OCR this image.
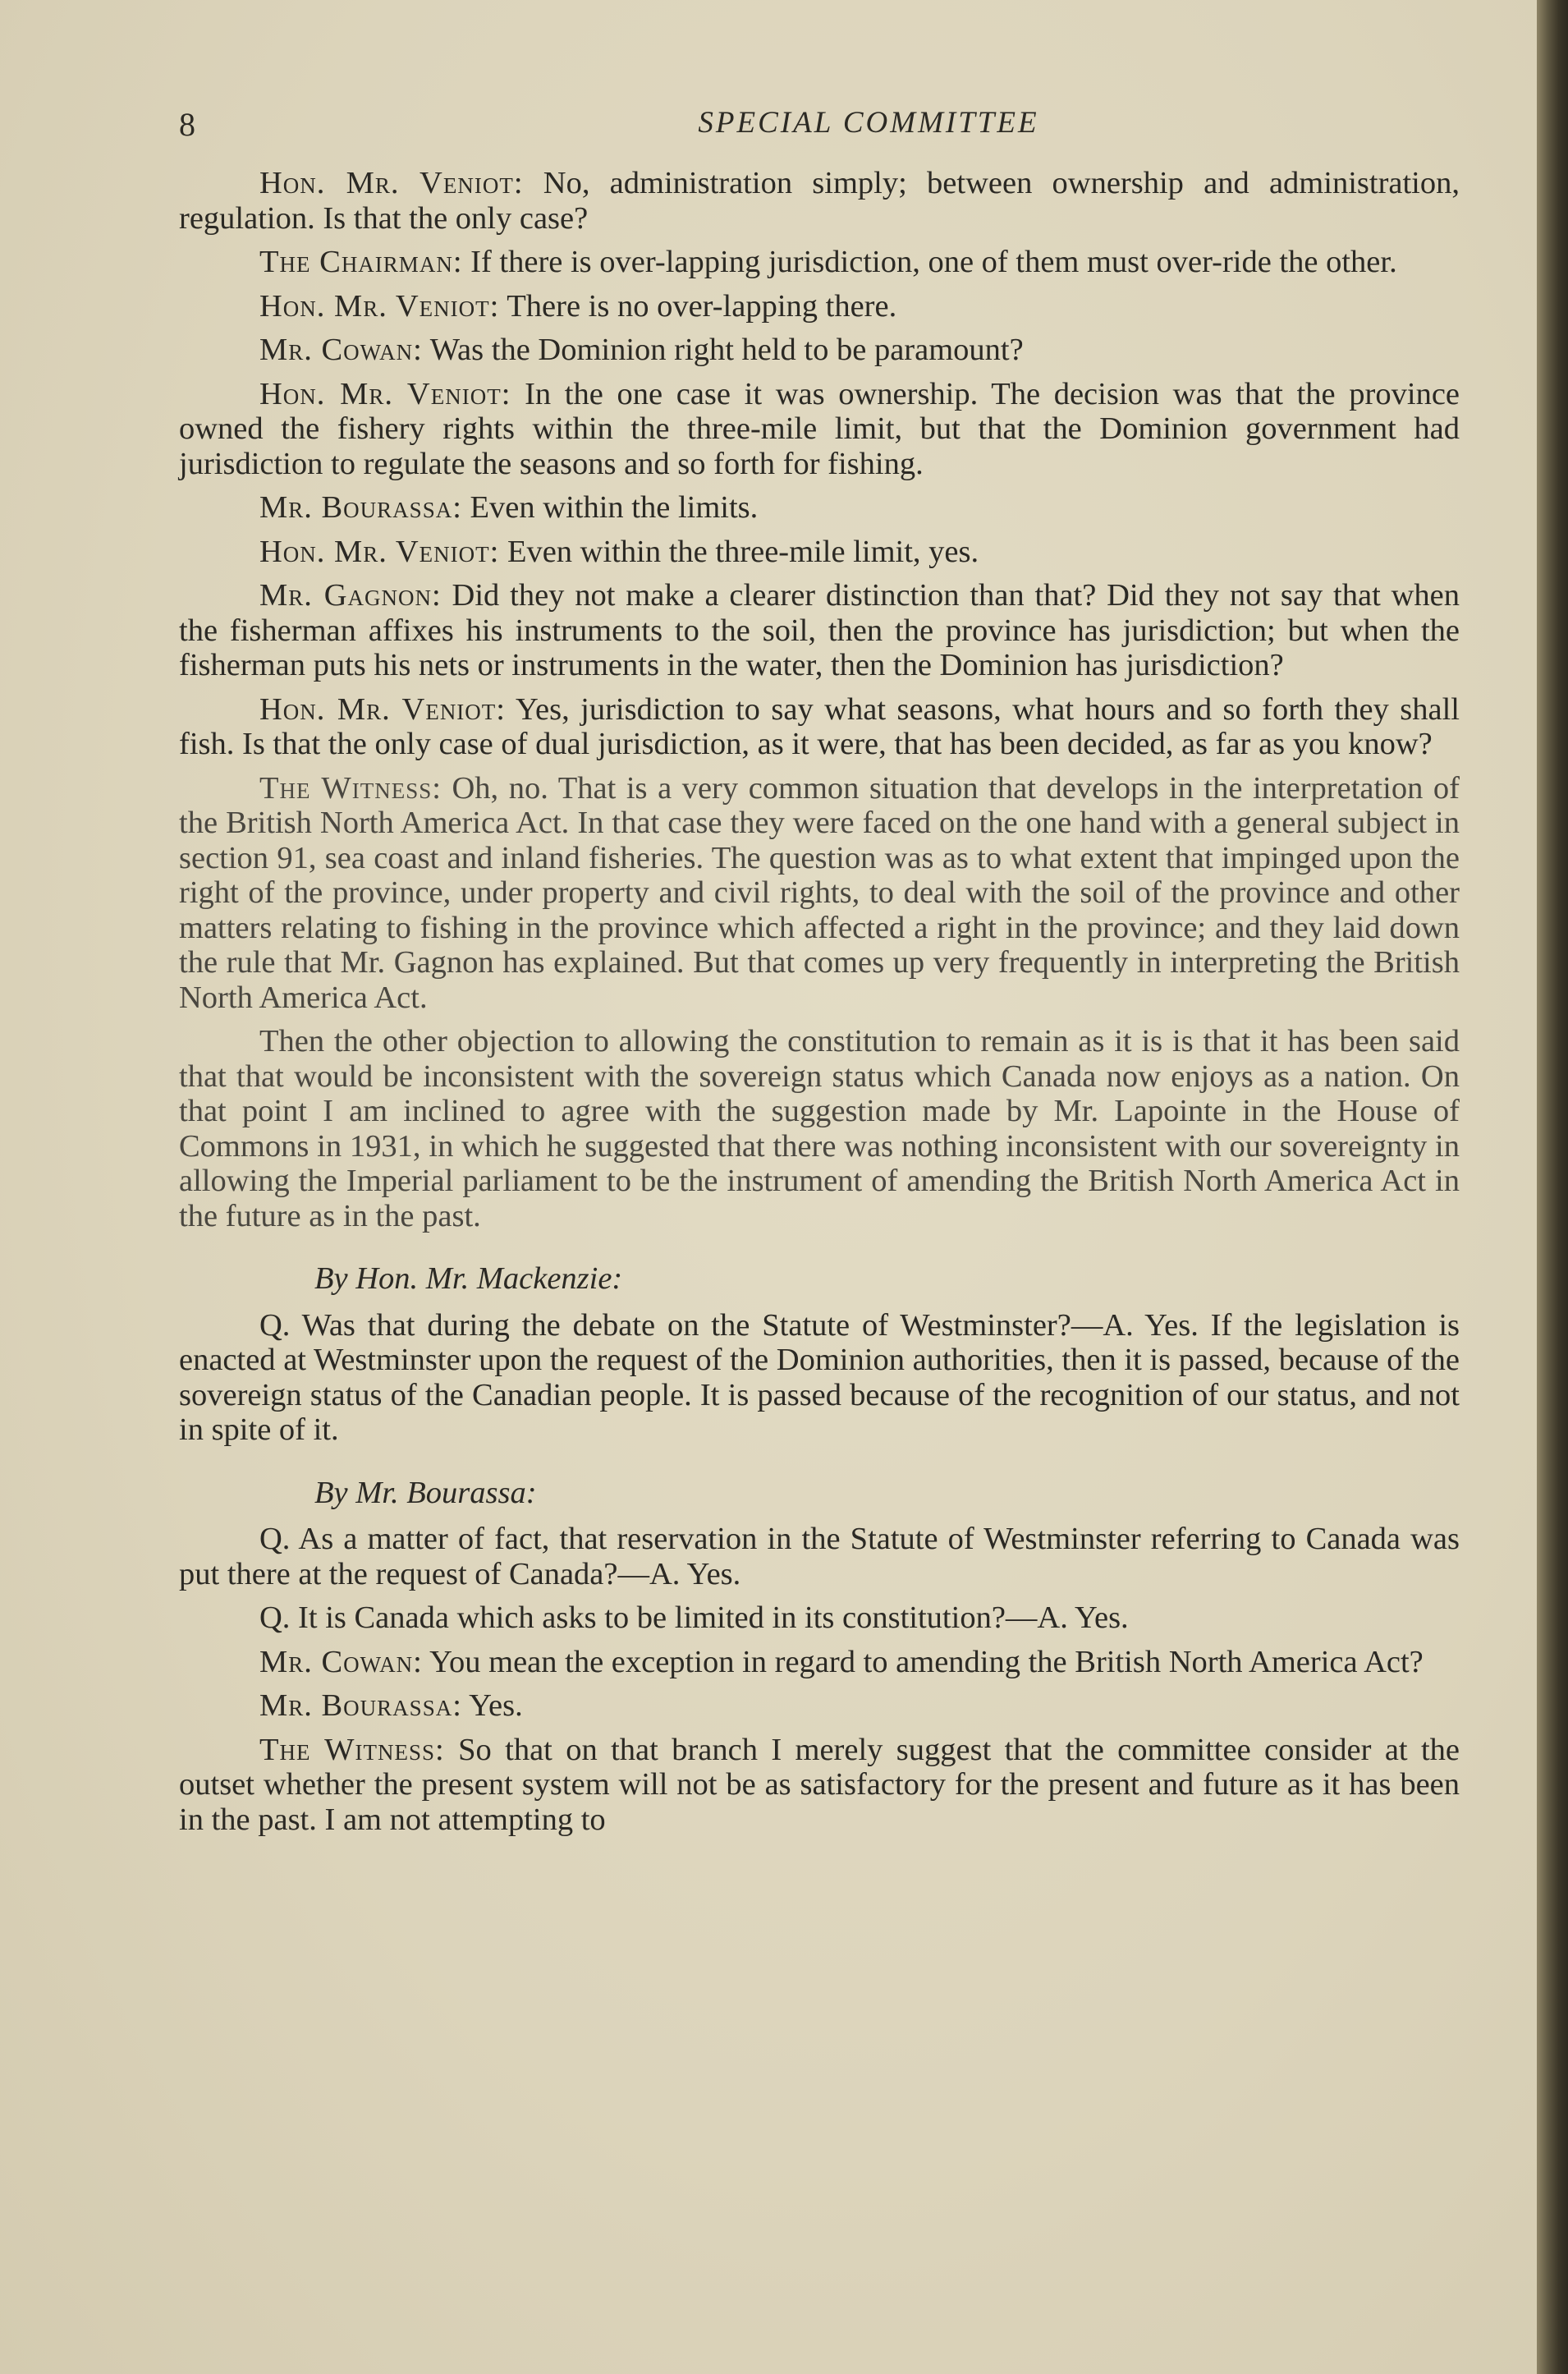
8	SPECIAL COMMITTEE

Hon. Mr. Veniot: No, administration simply; between ownership and administration, regulation. Is that the only case?

The Chairman: If there is over-lapping jurisdiction, one of them must over-ride the other.

Hon. Mr. Veniot: There is no over-lapping there.

Mr. Cowan: Was the Dominion right held to be paramount?

Hon. Mr. Veniot: In the one case it was ownership. The decision was that the province owned the fishery rights within the three-mile limit, but that the Dominion government had jurisdiction to regulate the seasons and so forth for fishing.

Mr. Bourassa: Even within the limits.

Hon. Mr. Veniot: Even within the three-mile limit, yes.

Mr. Gagnon: Did they not make a clearer distinction than that? Did they not say that when the fisherman affixes his instruments to the soil, then the province has jurisdiction; but when the fisherman puts his nets or instruments in the water, then the Dominion has jurisdiction?

Hon. Mr. Veniot: Yes, jurisdiction to say what seasons, what hours and so forth they shall fish. Is that the only case of dual jurisdiction, as it were, that has been decided, as far as you know?

The Witness: Oh, no. That is a very common situation that develops in the interpretation of the British North America Act. In that case they were faced on the one hand with a general subject in section 91, sea coast and inland fisheries. The question was as to what extent that impinged upon the right of the province, under property and civil rights, to deal with the soil of the province and other matters relating to fishing in the province which affected a right in the province; and they laid down the rule that Mr. Gagnon has explained. But that comes up very frequently in interpreting the British North America Act.

Then the other objection to allowing the constitution to remain as it is is that it has been said that that would be inconsistent with the sovereign status which Canada now enjoys as a nation. On that point I am inclined to agree with the suggestion made by Mr. Lapointe in the House of Commons in 1931, in which he suggested that there was nothing inconsistent with our sovereignty in allowing the Imperial parliament to be the instrument of amending the British North America Act in the future as in the past.

By Hon. Mr. Mackenzie:

Q. Was that during the debate on the Statute of Westminster?—A. Yes. If the legislation is enacted at Westminster upon the request of the Dominion authorities, then it is passed, because of the sovereign status of the Canadian people. It is passed because of the recognition of our status, and not in spite of it.

By Mr. Bourassa:

Q. As a matter of fact, that reservation in the Statute of Westminster referring to Canada was put there at the request of Canada?—A. Yes.

Q. It is Canada which asks to be limited in its constitution?—A. Yes.

Mr. Cowan: You mean the exception in regard to amending the British North America Act?

Mr. Bourassa: Yes.

The Witness: So that on that branch I merely suggest that the committee consider at the outset whether the present system will not be as satisfactory for the present and future as it has been in the past. I am not attempting to
